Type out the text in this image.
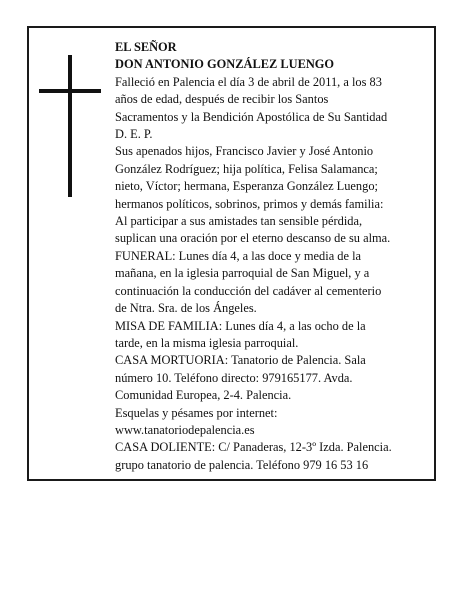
EL SEÑOR
DON ANTONIO GONZÁLEZ LUENGO
Falleció en Palencia el día 3 de abril de 2011, a los 83
años de edad, después de recibir los Santos
Sacramentos y la Bendición Apostólica de Su Santidad
D. E. P.
Sus apenados hijos, Francisco Javier y José Antonio
González Rodríguez; hija política, Felisa Salamanca;
nieto, Víctor; hermana, Esperanza González Luengo;
hermanos políticos, sobrinos, primos y demás familia:
Al participar a sus amistades tan sensible pérdida,
suplican una oración por el eterno descanso de su alma.
FUNERAL: Lunes día 4, a las doce y media de la
mañana, en la iglesia parroquial de San Miguel, y a
continuación la conducción del cadáver al cementerio
de Ntra. Sra. de los Ángeles.
MISA DE FAMILIA: Lunes día 4, a las ocho de la
tarde, en la misma iglesia parroquial.
CASA MORTUORIA: Tanatorio de Palencia. Sala
número 10. Teléfono directo: 979165177. Avda.
Comunidad Europea, 2-4. Palencia.
Esquelas y pésames por internet:
www.tanatoriodepalencia.es
CASA DOLIENTE: C/ Panaderas, 12-3º Izda. Palencia.
grupo tanatorio de palencia. Teléfono 979 16 53 16
